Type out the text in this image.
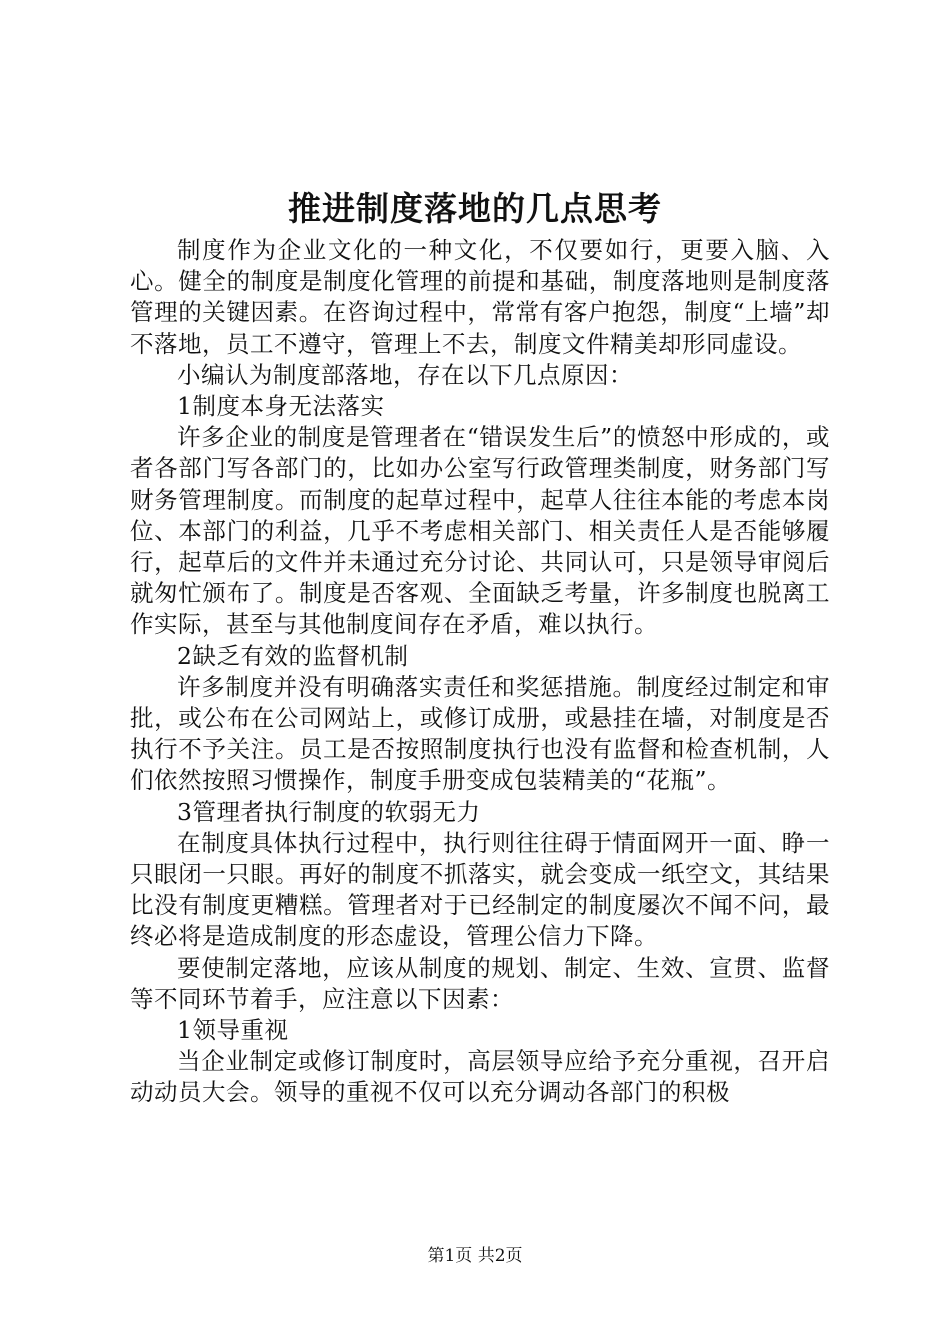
推进制度落地的几点思考

制度作为企业文化的一种文化，不仅要如行，更要入脑、入心。健全的制度是制度化管理的前提和基础，制度落地则是制度落管理的关键因素。在咨询过程中，常常有客户抱怨，制度“上墙”却不落地，员工不遵守，管理上不去，制度文件精美却形同虚设。

小编认为制度部落地，存在以下几点原因：

1制度本身无法落实

许多企业的制度是管理者在“错误发生后”的愤怒中形成的，或者各部门写各部门的，比如办公室写行政管理类制度，财务部门写财务管理制度。而制度的起草过程中，起草人往往本能的考虑本岗位、本部门的利益，几乎不考虑相关部门、相关责任人是否能够履行，起草后的文件并未通过充分讨论、共同认可，只是领导审阅后就匆忙颁布了。制度是否客观、全面缺乏考量，许多制度也脱离工作实际，甚至与其他制度间存在矛盾，难以执行。

2缺乏有效的监督机制

许多制度并没有明确落实责任和奖惩措施。制度经过制定和审批，或公布在公司网站上，或修订成册，或悬挂在墙，对制度是否执行不予关注。员工是否按照制度执行也没有监督和检查机制，人们依然按照习惯操作，制度手册变成包装精美的“花瓶”。

3管理者执行制度的软弱无力

在制度具体执行过程中，执行则往往碍于情面网开一面、睁一只眼闭一只眼。再好的制度不抓落实，就会变成一纸空文，其结果比没有制度更糟糕。管理者对于已经制定的制度屡次不闻不问，最终必将是造成制度的形态虚设，管理公信力下降。

要使制定落地，应该从制度的规划、制定、生效、宣贯、监督等不同环节着手，应注意以下因素：

1领导重视

当企业制定或修订制度时，高层领导应给予充分重视，召开启动动员大会。领导的重视不仅可以充分调动各部门的积极

第1页 共2页
